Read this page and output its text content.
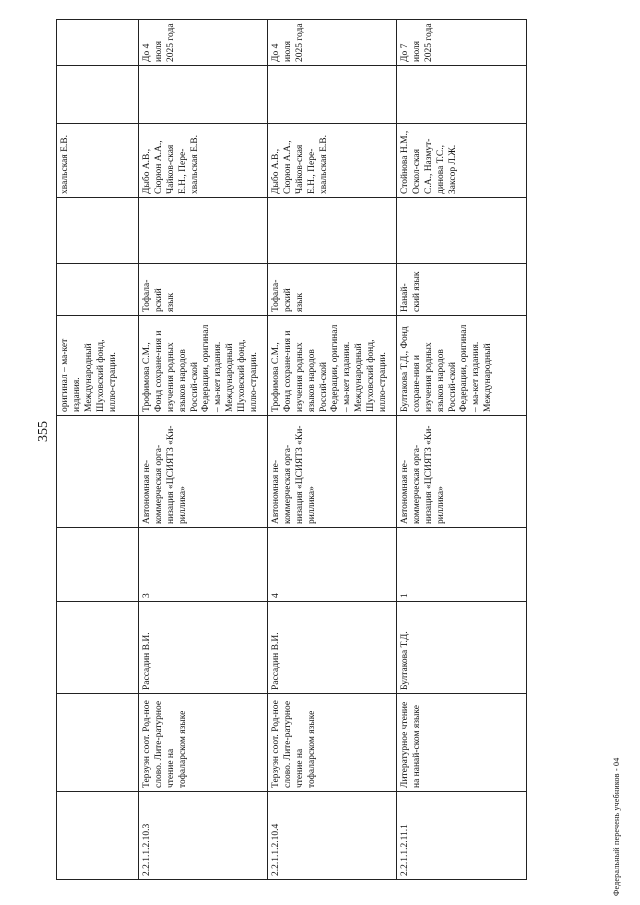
355
					оригинал – ма-кет издания. Международный Шуховский фонд, иллю-страции.			хвальская Е.В.		
2.2.1.1.2.10.3	Терзуэн соот. Род-ное слово. Лите-ратурное чтение на тофаларском языке	Рассадин В.И.	3	Автономная не-коммерческая орга-низация «ЦСИЯТЗ «Ки-риллика»	Трофимова С.М., Фонд сохране-ния и изучения родных языков народов Россий-ской Федерации, оригинал – ма-кет издания. Международный Шуховский фонд, иллю-страции.	Тофала-рский язык		Дыбо А.В., Сюрюн А.А., Чайков-ская Е.Н., Пере-хвальская Е.В.		До 4 июля 2025 года
2.2.1.1.2.10.4	Терзуэн соот. Род-ное слово. Лите-ратурное чтение на тофаларском языке	Рассадин В.И.	4	Автономная не-коммерческая орга-низация «ЦСИЯТЗ «Ки-риллика»	Трофимова С.М., Фонд сохране-ния и изучения родных языков народов Россий-ской Федерации, оригинал – ма-кет издания. Международный Шуховский фонд, иллю-страции.	Тофала-рский язык		Дыбо А.В., Сюрюн А.А., Чайков-ская Е.Н., Пере-хвальская Е.В.		До 4 июля 2025 года
2.2.1.1.2.11.1	Литературное чтение на нанай-ском языке	Бултакова Т.Д.	1	Автономная не-коммерческая орга-низация «ЦСИЯТЗ «Ки-риллика»	Бултакова Т.Д., Фонд сохране-ния и изучения родных языков народов Россий-ской Федерации, оригинал – ма-кет издания. Международный	Нанай-ский язык		Стойнова Н.М., Оскол-ская С.А., Назмут-динова Т.С., Заксор Л.Ж.		До 7 июля 2025 года
Федеральный перечень учебников - 04
